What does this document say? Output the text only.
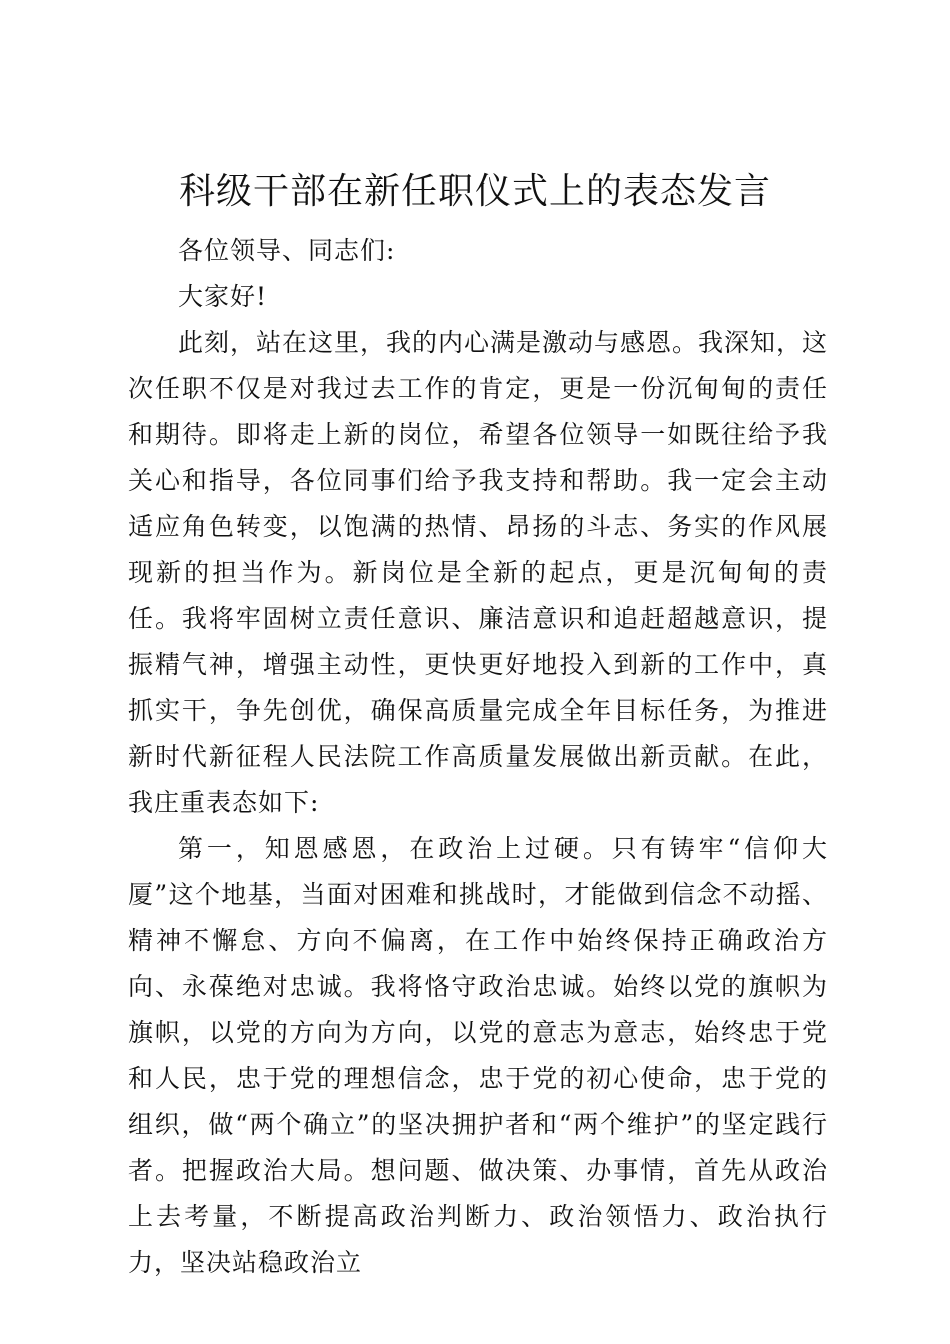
科级干部在新任职仪式上的表态发言

各位领导、同志们:

大家好!

此刻，站在这里，我的内心满是激动与感恩。我深知，这次任职不仅是对我过去工作的肯定，更是一份沉甸甸的责任和期待。即将走上新的岗位，希望各位领导一如既往给予我关心和指导，各位同事们给予我支持和帮助。我一定会主动适应角色转变，以饱满的热情、昂扬的斗志、务实的作风展现新的担当作为。新岗位是全新的起点，更是沉甸甸的责任。我将牢固树立责任意识、廉洁意识和追赶超越意识，提振精气神，增强主动性，更快更好地投入到新的工作中，真抓实干，争先创优，确保高质量完成全年目标任务，为推进新时代新征程人民法院工作高质量发展做出新贡献。在此，我庄重表态如下:

第一，知恩感恩，在政治上过硬。只有铸牢“信仰大厦”这个地基，当面对困难和挑战时，才能做到信念不动摇、精神不懈怠、方向不偏离，在工作中始终保持正确政治方向、永葆绝对忠诚。我将恪守政治忠诚。始终以党的旗帜为旗帜，以党的方向为方向，以党的意志为意志，始终忠于党和人民，忠于党的理想信念，忠于党的初心使命，忠于党的组织，做“两个确立”的坚决拥护者和“两个维护”的坚定践行者。把握政治大局。想问题、做决策、办事情，首先从政治上去考量，不断提高政治判断力、政治领悟力、政治执行力，坚决站稳政治立
